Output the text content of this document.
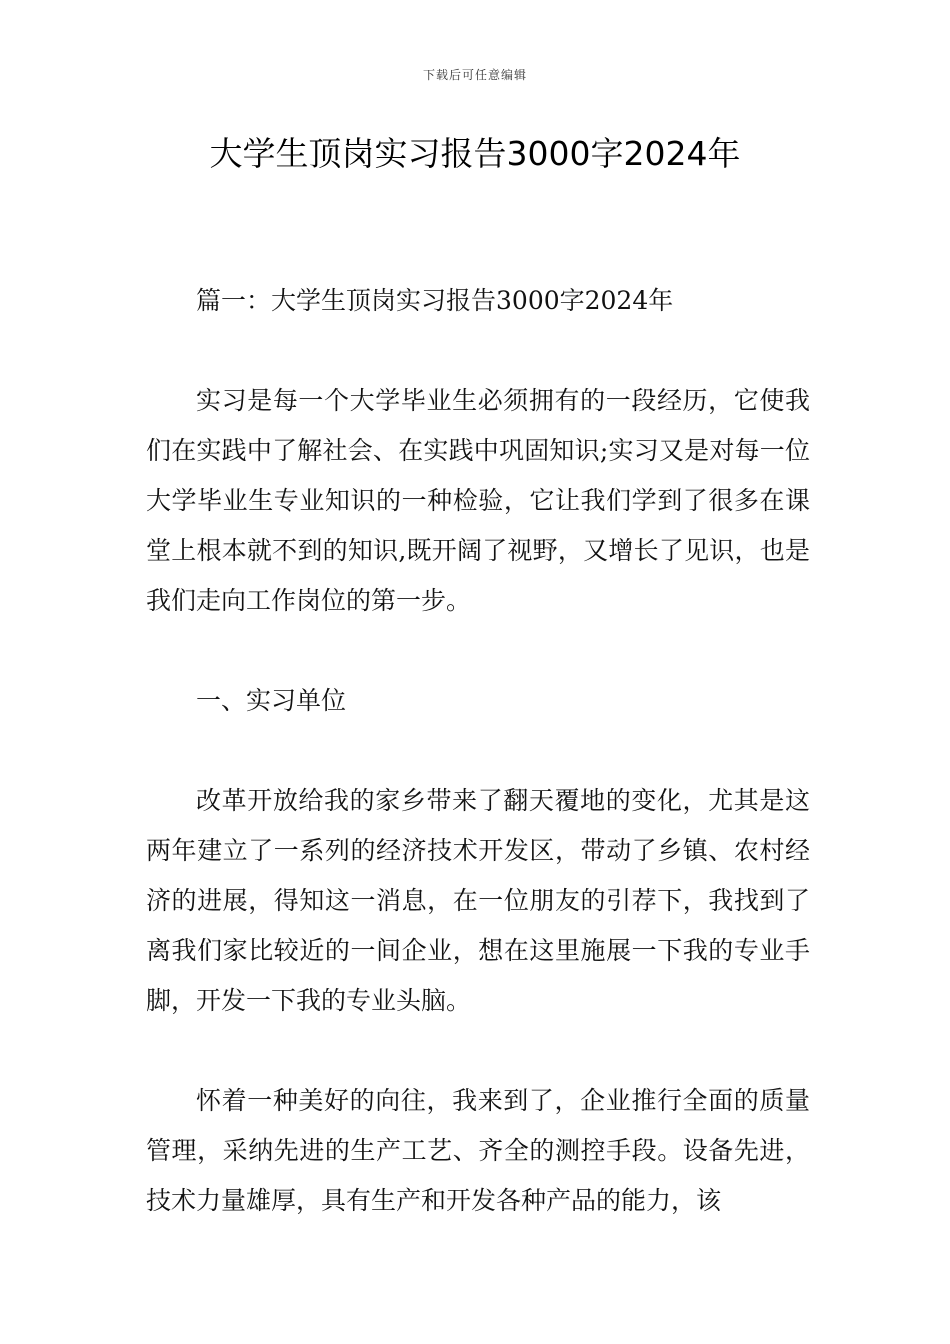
下载后可任意编辑
大学生顶岗实习报告3000字2024年

篇一：大学生顶岗实习报告3000字2024年

实习是每一个大学毕业生必须拥有的一段经历，它使我们在实践中了解社会、在实践中巩固知识;实习又是对每一位大学毕业生专业知识的一种检验，它让我们学到了很多在课堂上根本就不到的知识,既开阔了视野，又增长了见识，也是我们走向工作岗位的第一步。

一、实习单位

改革开放给我的家乡带来了翻天覆地的变化，尤其是这两年建立了一系列的经济技术开发区，带动了乡镇、农村经济的进展，得知这一消息，在一位朋友的引荐下，我找到了离我们家比较近的一间企业，想在这里施展一下我的专业手脚，开发一下我的专业头脑。

怀着一种美好的向往，我来到了，企业推行全面的质量管理，采纳先进的生产工艺、齐全的测控手段。设备先进，技术力量雄厚，具有生产和开发各种产品的能力，该
